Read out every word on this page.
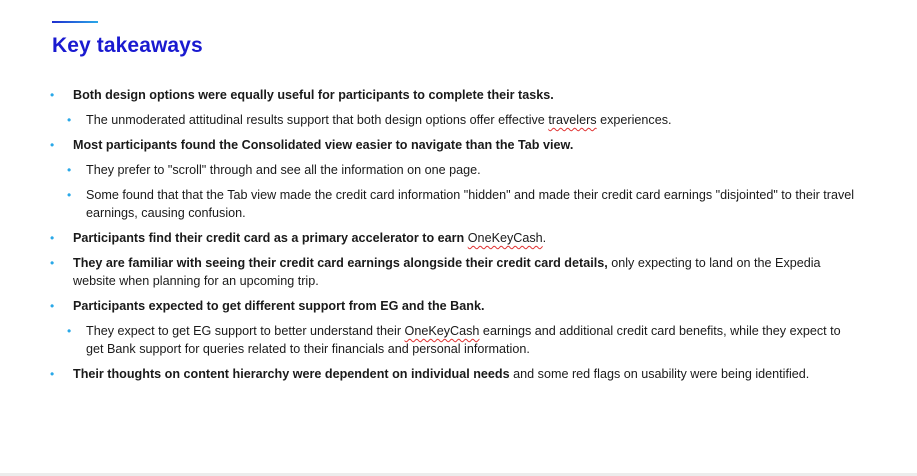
Key takeaways
• Both design options were equally useful for participants to complete their tasks.
• The unmoderated attitudinal results support that both design options offer effective travelers experiences.
• Most participants found the Consolidated view easier to navigate than the Tab view.
• They prefer to "scroll" through and see all the information on one page.
• Some found that that the Tab view made the credit card information "hidden" and made their credit card earnings "disjointed" to their travel earnings, causing confusion.
• Participants find their credit card as a primary accelerator to earn OneKeyCash.
• They are familiar with seeing their credit card earnings alongside their credit card details, only expecting to land on the Expedia website when planning for an upcoming trip.
• Participants expected to get different support from EG and the Bank.
• They expect to get EG support to better understand their OneKeyCash earnings and additional credit card benefits, while they expect to get Bank support for queries related to their financials and personal information.
• Their thoughts on content hierarchy were dependent on individual needs and some red flags on usability were being identified.
